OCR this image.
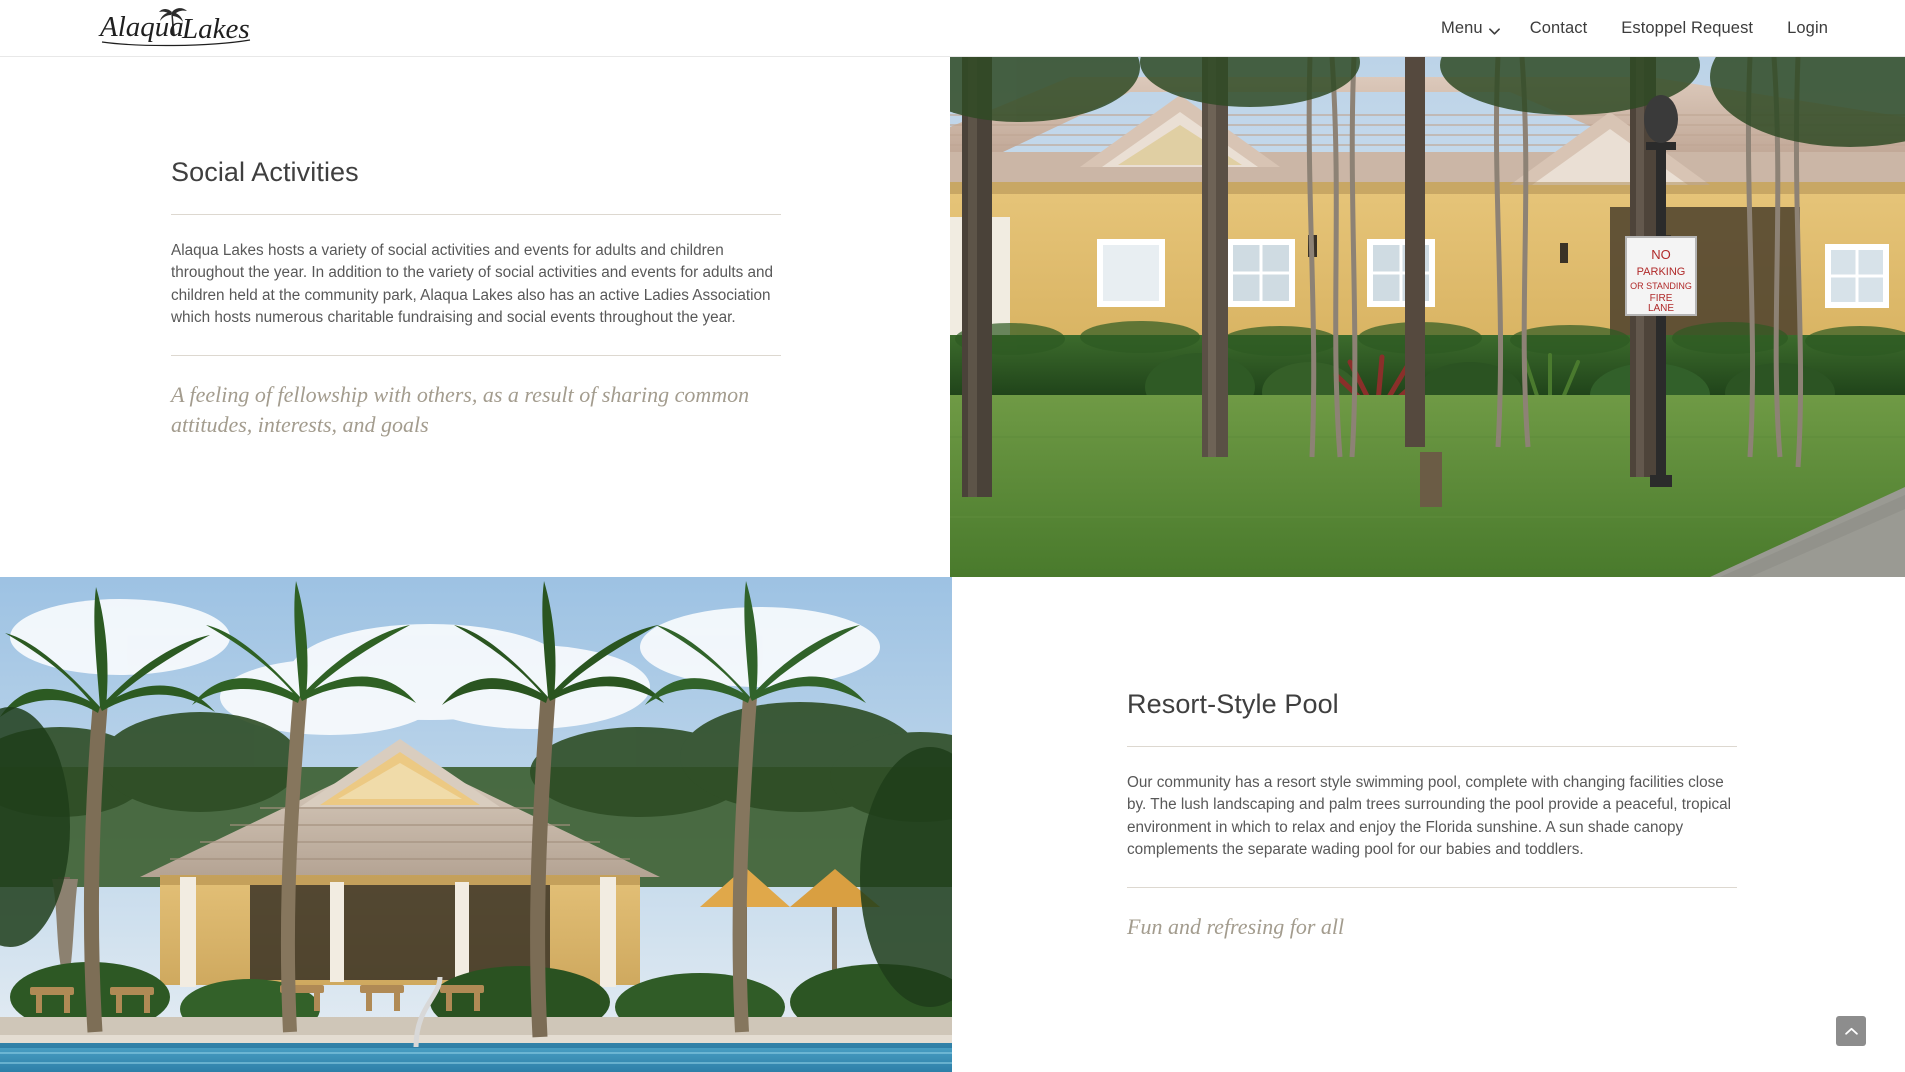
Alaqua
Lakes	Menu	Contact	Estoppel Request	Login
Social Activities

Alaqua Lakes hosts a variety of social activities and events for adults and children throughout the year. In addition to the variety of social activities and events for adults and children held at the community park, Alaqua Lakes also has an active Ladies Association which hosts numerous charitable fundraising and social events throughout the year.

A feeling of fellowship with others, as a result of sharing common attitudes, interests, and goals

NO
PARKING
OR STANDING
FIRE
LANE
Resort-Style Pool

Our community has a resort style swimming pool, complete with changing facilities close by. The lush landscaping and palm trees surrounding the pool provide a peaceful, tropical environment in which to relax and enjoy the Florida sunshine. A sun shade canopy complements the separate wading pool for our babies and toddlers.

Fun and refresing for all
